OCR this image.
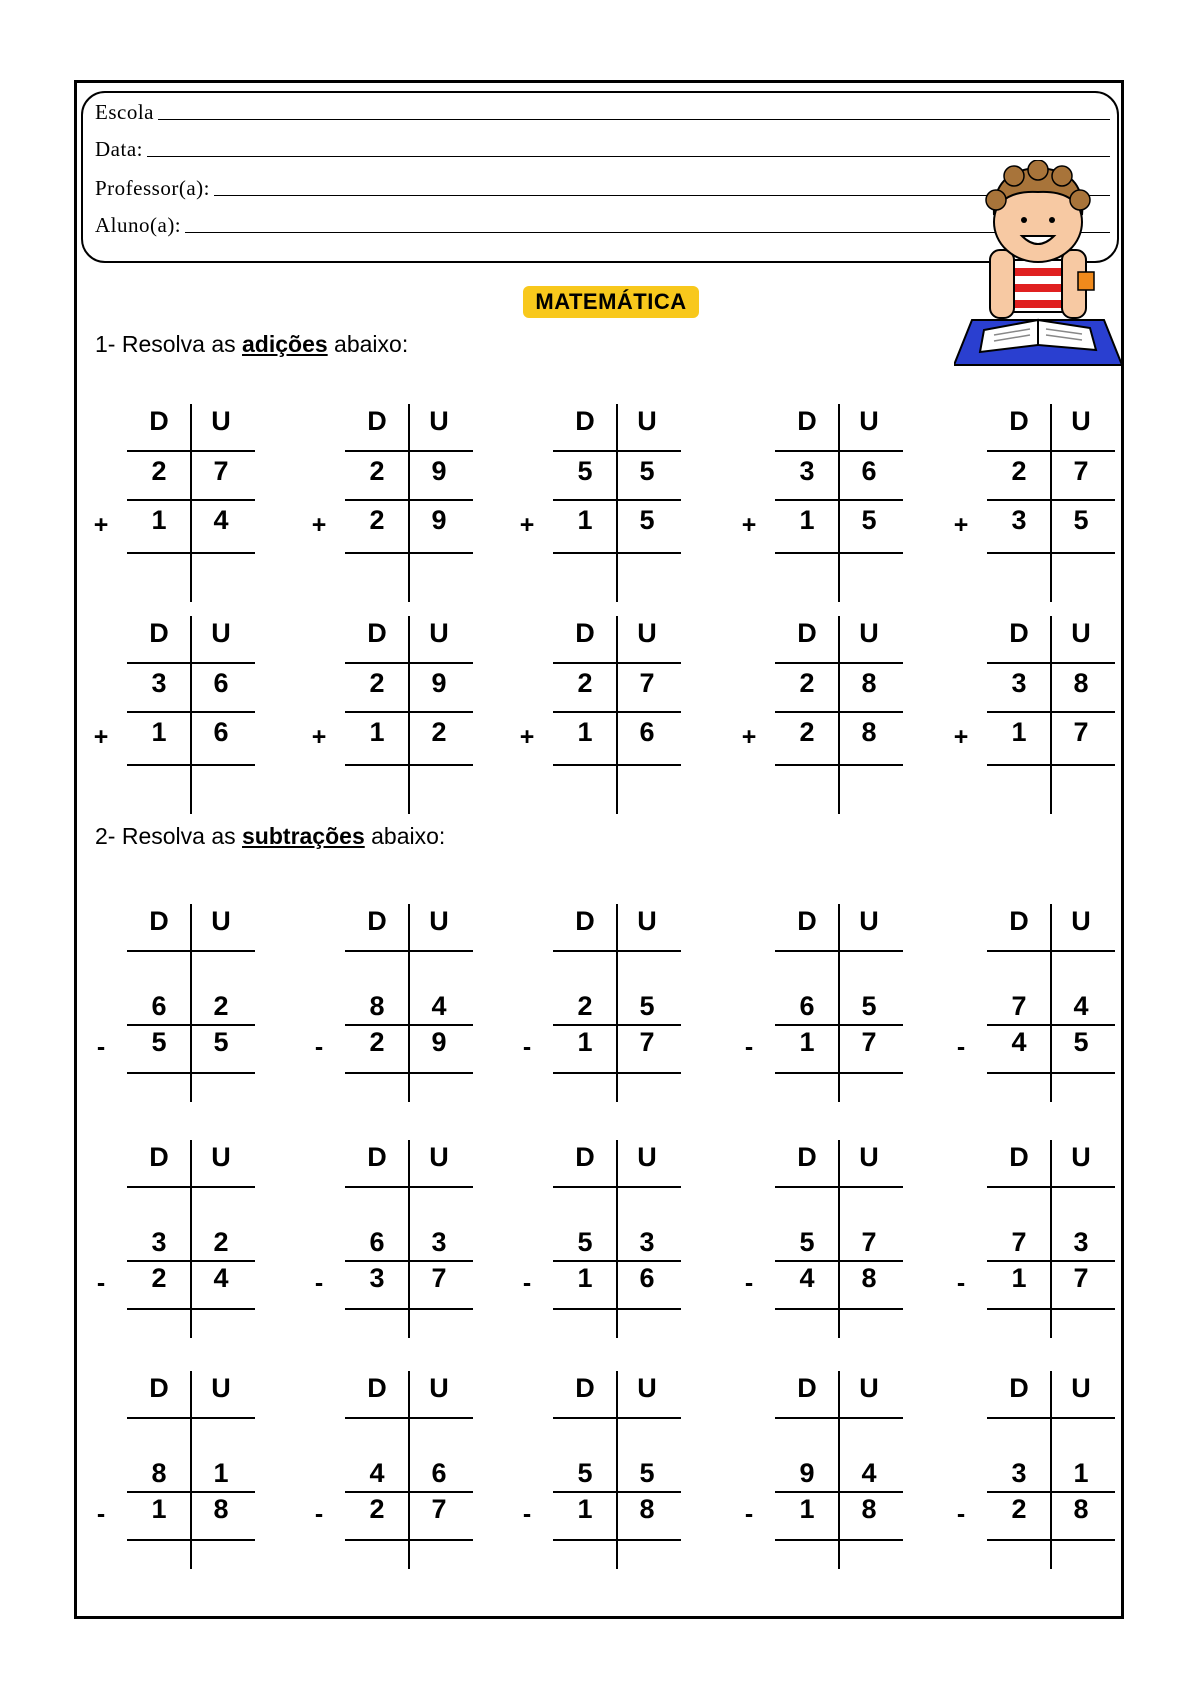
Escola
Data:
Professor(a):
Aluno(a):
MATEMÁTICA
1- Resolva as adições abaixo:
2- Resolva as subtrações abaixo:
D U
2 7
1 4
+
D U
2 9
2 9
+
D U
5 5
1 5
+
D U
3 6
1 5
+
D U
2 7
3 5
+
D U
3 6
1 6
+
D U
2 9
1 2
+
D U
2 7
1 6
+
D U
2 8
2 8
+
D U
3 8
1 7
+
D U
6 2
5 5
-
D U
8 4
2 9
-
D U
2 5
1 7
-
D U
6 5
1 7
-
D U
7 4
4 5
-
D U
3 2
2 4
-
D U
6 3
3 7
-
D U
5 3
1 6
-
D U
5 7
4 8
-
D U
7 3
1 7
-
D U
8 1
1 8
-
D U
4 6
2 7
-
D U
5 5
1 8
-
D U
9 4
1 8
-
D U
3 1
2 8
-
